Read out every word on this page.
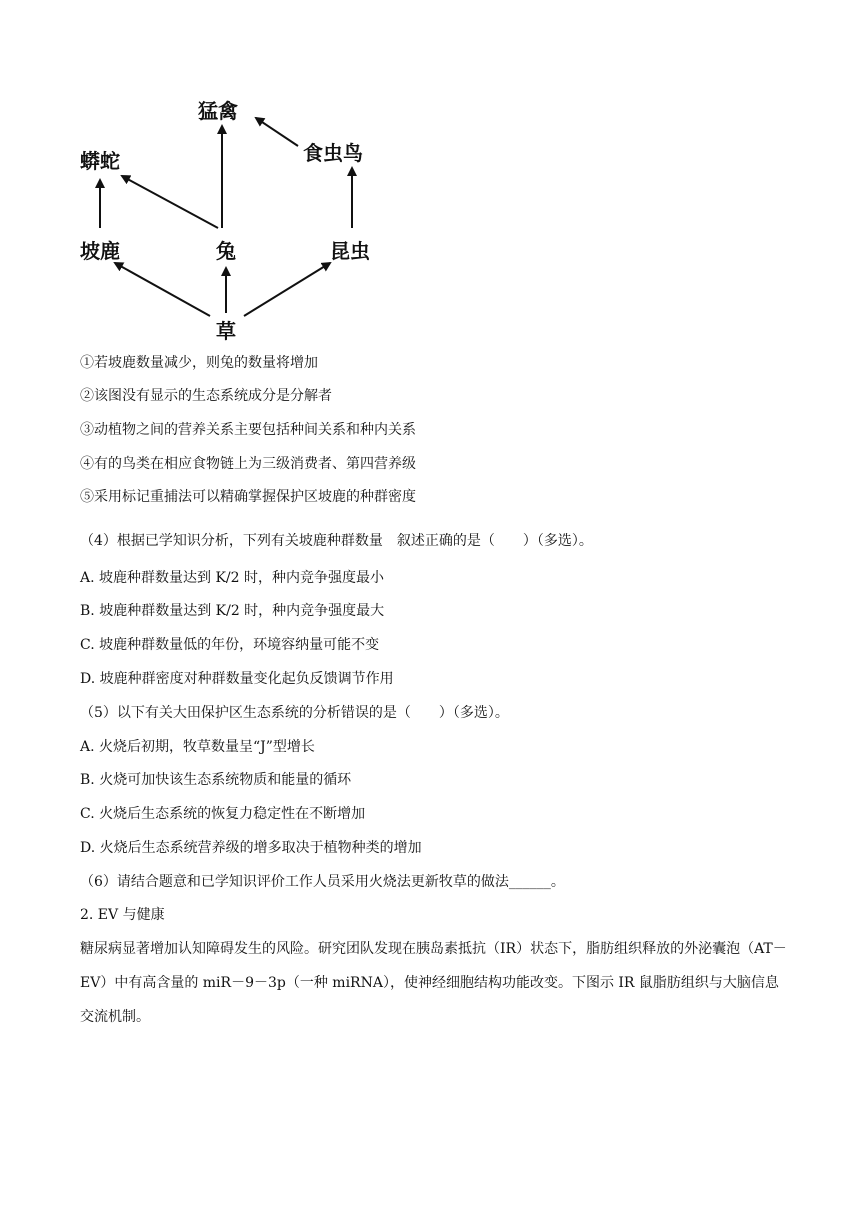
猛禽
蟒蛇	食虫鸟
坡鹿	兔	昆虫
草
①若坡鹿数量减少，则兔的数量将增加
②该图没有显示的生态系统成分是分解者
③动植物之间的营养关系主要包括种间关系和种内关系
④有的鸟类在相应食物链上为三级消费者、第四营养级
⑤采用标记重捕法可以精确掌握保护区坡鹿的种群密度
（4）根据已学知识分析，下列有关坡鹿种群数量　叙述正确的是（　　）（多选）。
A. 坡鹿种群数量达到 K/2 时，种内竞争强度最小
B. 坡鹿种群数量达到 K/2 时，种内竞争强度最大
C. 坡鹿种群数量低的年份，环境容纳量可能不变
D. 坡鹿种群密度对种群数量变化起负反馈调节作用
（5）以下有关大田保护区生态系统的分析错误的是（　　）（多选）。
A. 火烧后初期，牧草数量呈“J”型增长
B. 火烧可加快该生态系统物质和能量的循环
C. 火烧后生态系统的恢复力稳定性在不断增加
D. 火烧后生态系统营养级的增多取决于植物种类的增加
（6）请结合题意和已学知识评价工作人员采用火烧法更新牧草的做法______。
2. EV 与健康
糖尿病显著增加认知障碍发生的风险。研究团队发现在胰岛素抵抗（IR）状态下，脂肪组织释放的外泌囊泡（AT－EV）中有高含量的 miR－9－3p（一种 miRNA），使神经细胞结构功能改变。下图示 IR 鼠脂肪组织与大脑信息交流机制。
